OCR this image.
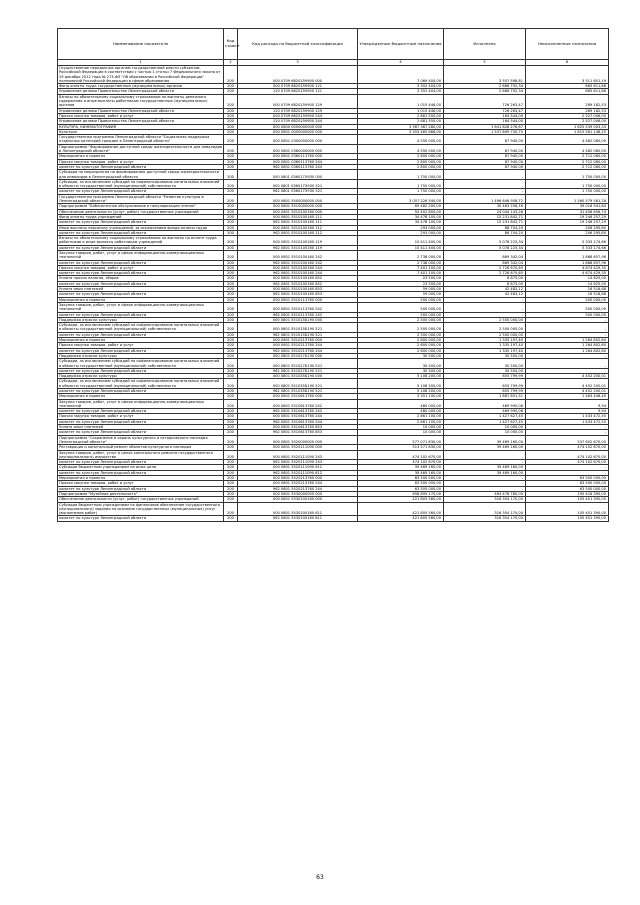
Наименование показателя	Код строки	Код расхода по бюджетной классификации	Утвержденные бюджетные назначения	Исполнено	Неисполненные назначения
1	2	3	4	5	6
Осуществление переданных органам государственной власти субъектов Российской Федерации в соответствии с частью 1 статьи 7 Федерального закона от 29 декабря 2012 года № 273-ФЗ "Об образовании в Российской Федерации" полномочий Российской Федерации в сфере образования	200	000 0709 6820159900 000	7 069 400,00	3 557 598,81	3 511 801,19
Фонд оплаты труда государственных (муниципальных) органов	200	000 0709 6820159900 121	3 352 404,00	2 686 792,34	665 611,66
Управление делами Правительства Ленинградской области	200	120 0709 6820159900 121	3 352 404,00	2 686 792,34	665 611,66
Взносы по обязательному социальному страхованию на выплаты денежного содержания и иные выплаты работникам государственных (муниципальных) органов	200	000 0709 6820159900 129	1 015 446,00	726 263,47	289 182,53
Управление делами Правительства Ленинградской области	200	120 0709 6820159900 129	1 015 446,00	726 263,47	289 182,53
Прочая закупка товаров, работ и услуг	200	000 0709 6820159900 244	2 681 550,00	164 544,00	2 527 006,00
Управление делами Правительства Ленинградской области	200	120 0709 6820159900 244	2 681 550,00	164 544,00	2 527 006,00
КУЛЬТУРА, КИНЕМАТОГРАФИЯ	200	000 0800 0000000000 000	3 367 367 280,00	1 641 828 276,67	1 625 539 003,33
Культура	200	000 0801 0000000000 000	3 353 465 866,00	1 537 899 730,75	1 815 561 148,25
Государственная программа Ленинградской области "Социальная поддержка отдельных категорий граждан в Ленинградской области"	200	000 0801 0300000000 000	4 550 000,00	87 940,00	4 462 060,00
Подпрограмма "Формирование доступной среды жизнедеятельности для инвалидов в Ленинградской области"	200	000 0801 0360000000 000	4 550 000,00	87 940,00	4 462 060,00
Мероприятия и проекты	200	000 0801 0360113760 000	2 800 000,00	87 940,00	2 712 060,00
Прочая закупка товаров, работ и услуг	200	000 0801 0360113760 244	2 800 000,00	87 940,00	2 712 060,00
комитет по культуре Ленинградской области	200	962 0801 0360113760 244	2 800 000,00	87 940,00	2 712 060,00
Субсидии на мероприятия по формированию доступной среды жизнедеятельности для инвалидов в Ленинградской области	200	000 0801 036017Э930 000	1 750 000,00	-	1 750 000,00
Субсидии, за исключением субсидий на софинансирование капитальных вложений в объекты государственной (муниципальной) собственности	200	000 0801 036017Э930 521	1 750 000,00	-	1 750 000,00
комитет по культуре Ленинградской области	200	962 0801 036017Э930 521	1 750 000,00	-	1 750 000,00
Государственная программа Ленинградской области "Развитие культуры в Ленинградской области"	200	000 0801 5500000000 000	3 057 226 540,00	1 496 646 958,72	1 560 579 581,28
Подпрограмма "Библиотечное обслуживание и популяризация чтения"	200	000 0801 5510000000 000	69 482 200,00	30 463 258,16	39 018 941,84
Обеспечение деятельности (услуг, работ) государственных учреждений	200	000 0801 5510100160 000	55 452 800,00	24 044 143,26	31 408 656,74
Фонд оплаты труда учреждений	200	000 0801 5510100160 111	34 478 100,00	15 231 842,71	19 246 257,29
комитет по культуре Ленинградской области	200	962 0801 5510100160 111	34 478 100,00	15 231 842,71	19 246 257,29
Иные выплаты персоналу учреждений, за исключением фонда оплаты труда	200	000 0801 5510100160 112	293 000,00	86 704,20	206 295,80
комитет по культуре Ленинградской области	200	962 0801 5510100160 112	293 000,00	86 704,20	206 295,80
Взносы по обязательному социальному страхованию на выплаты по оплате труда работников и иные выплаты работникам учреждений	200	000 0801 5510100160 119	10 411 400,00	5 078 225,34	5 333 174,66
комитет по культуре Ленинградской области	200	962 0801 5510100160 119	10 411 400,00	5 078 225,34	5 333 174,66
Закупка товаров, работ, услуг в сфере информационно-коммуникационных технологий	200	000 0801 5510100160 242	2 738 000,00	869 342,04	1 868 657,96
комитет по культуре Ленинградской области	200	962 0801 5510100160 242	2 738 000,00	869 342,04	1 868 657,96
Прочая закупка товаров, работ и услуг	200	000 0801 5510100160 244	7 401 100,00	2 726 670,65	4 674 429,35
комитет по культуре Ленинградской области	200	962 0801 5510100160 244	7 401 100,00	2 726 670,65	4 674 429,35
Уплата прочих налогов, сборов	200	000 0801 5510100160 852	23 500,00	8 875,00	14 625,00
комитет по культуре Ленинградской области	200	962 0801 5510100160 852	23 500,00	8 875,00	14 625,00
Уплата иных платежей	200	000 0801 5510100160 853	59 000,00	42 483,12	16 516,88
комитет по культуре Ленинградской области	200	962 0801 5510100160 853	59 000,00	42 483,12	16 516,88
Мероприятия и проекты	200	000 0801 5510113760 000	500 000,00	-	500 000,00
Закупка товаров, работ, услуг в сфере информационно-коммуникационных технологий	200	000 0801 5510113760 242	500 000,00	-	500 000,00
комитет по культуре Ленинградской области	200	962 0801 5510113760 242	500 000,00	-	500 000,00
Поддержка отрасли культуры	200	000 0801 551015Б190 000	2 500 000,00	2 500 000,00	-
Субсидии, за исключением субсидий на софинансирование капитальных вложений в объекты государственной (муниципальной) собственности	200	000 0801 551015Б190 521	2 500 000,00	2 500 000,00	-
комитет по культуре Ленинградской области	200	962 0801 551015Б190 521	2 500 000,00	2 500 000,00	-
Мероприятия и проекты	200	000 0801 5510213760 000	2 600 000,00	1 335 197,40	1 264 802,60
Прочая закупка товаров, работ и услуг	200	000 0801 5510213760 244	2 600 000,00	1 335 197,40	1 264 802,60
комитет по культуре Ленинградской области	200	962 0801 5510213760 244	2 600 000,00	1 335 197,40	1 264 802,60
Поддержка отрасли культуры	200	000 0801 551027Б190 000	30 500,00	30 500,00	-
Субсидии, за исключением субсидий на софинансирование капитальных вложений в объекты государственной (муниципальной) собственности	200	000 0801 551027Б190 521	30 500,00	30 500,00	-
комитет по культуре Ленинградской области	200	962 0801 551027Б190 521	30 500,00	30 500,00	-
Поддержка отрасли культуры	200	000 0801 551035Б190 000	5 108 200,00	655 799,99	4 452 200,01
Субсидии, за исключением субсидий на софинансирование капитальных вложений в объекты государственной (муниципальной) собственности	200	000 0801 551035Б190 521	5 108 200,00	655 799,99	4 452 200,01
комитет по культуре Ленинградской области	200	962 0801 551035Б190 521	5 108 200,00	655 799,99	4 452 200,01
Мероприятия и проекты	200	000 0801 5510613760 000	3 351 100,00	1 887 651,51	1 463 448,49
Закупка товаров, работ, услуг в сфере информационно-коммуникационных технологий	200	000 0801 5510613760 242	480 000,00	469 990,06	9,94
комитет по культуре Ленинградской области	200	962 0801 5510613760 242	480 000,00	469 990,06	9,94
Прочая закупка товаров, работ и услуг	200	000 0801 5510613760 244	2 861 100,00	1 427 627,45	1 433 472,55
комитет по культуре Ленинградской области	200	962 0801 5510613760 244	2 861 100,00	1 427 627,45	1 433 472,55
Уплата иных платежей	200	000 0801 5510613760 853	10 000,00	10 000,00	-
комитет по культуре Ленинградской области	200	962 0801 5510613760 853	10 000,00	10 000,00	-
Подпрограмма "Сохранение и охрана культурного и исторического наследия Ленинградской области"	200	000 0801 5520000000 000	577 071 830,00	39 469 160,00	537 602 670,00
Реставрация и капитальный ремонт объектов культурного наследия	200	000 0801 5520111090 000	513 571 830,00	39 469 160,00	474 102 670,00
Закупка товаров, работ, услуг в целях капитального ремонта государственного (муниципального) имущества	200	000 0801 5520111090 243	474 102 670,00	-	474 102 670,00
комитет по культуре Ленинградской области	200	962 0801 5520111090 243	474 102 670,00	-	474 102 670,00
Субсидии бюджетным учреждениям на иные цели	200	000 0801 5520111090 612	39 469 160,00	39 469 160,00	-
комитет по культуре Ленинградской области	200	962 0801 5520111090 612	39 469 160,00	39 469 160,00	-
Мероприятия и проекты	200	000 0801 5520213760 000	63 500 000,00	-	63 500 000,00
Прочая закупка товаров, работ и услуг	200	000 0801 5520213760 244	63 500 000,00	-	63 500 000,00
комитет по культуре Ленинградской области	200	962 0801 5520213760 244	63 500 000,00	-	63 500 000,00
Подпрограмма "Музейная деятельность"	200	000 0801 5530000000 000	658 895 170,00	463 478 780,00	195 416 390,00
Обеспечение деятельности (услуг, работ) государственных учреждений	200	000 0801 5530100160 000	421 805 560,00	316 354 170,00	105 451 390,00
Субсидии бюджетным учреждениям на финансовое обеспечение государственного (муниципального) задания на оказание государственных (муниципальных) услуг (выполнение работ)	200	000 0801 5530100160 611	421 805 560,00	316 354 170,00	105 451 390,00
комитет по культуре Ленинградской области	200	962 0801 5530100160 611	421 805 560,00	316 354 170,00	105 451 390,00
63
